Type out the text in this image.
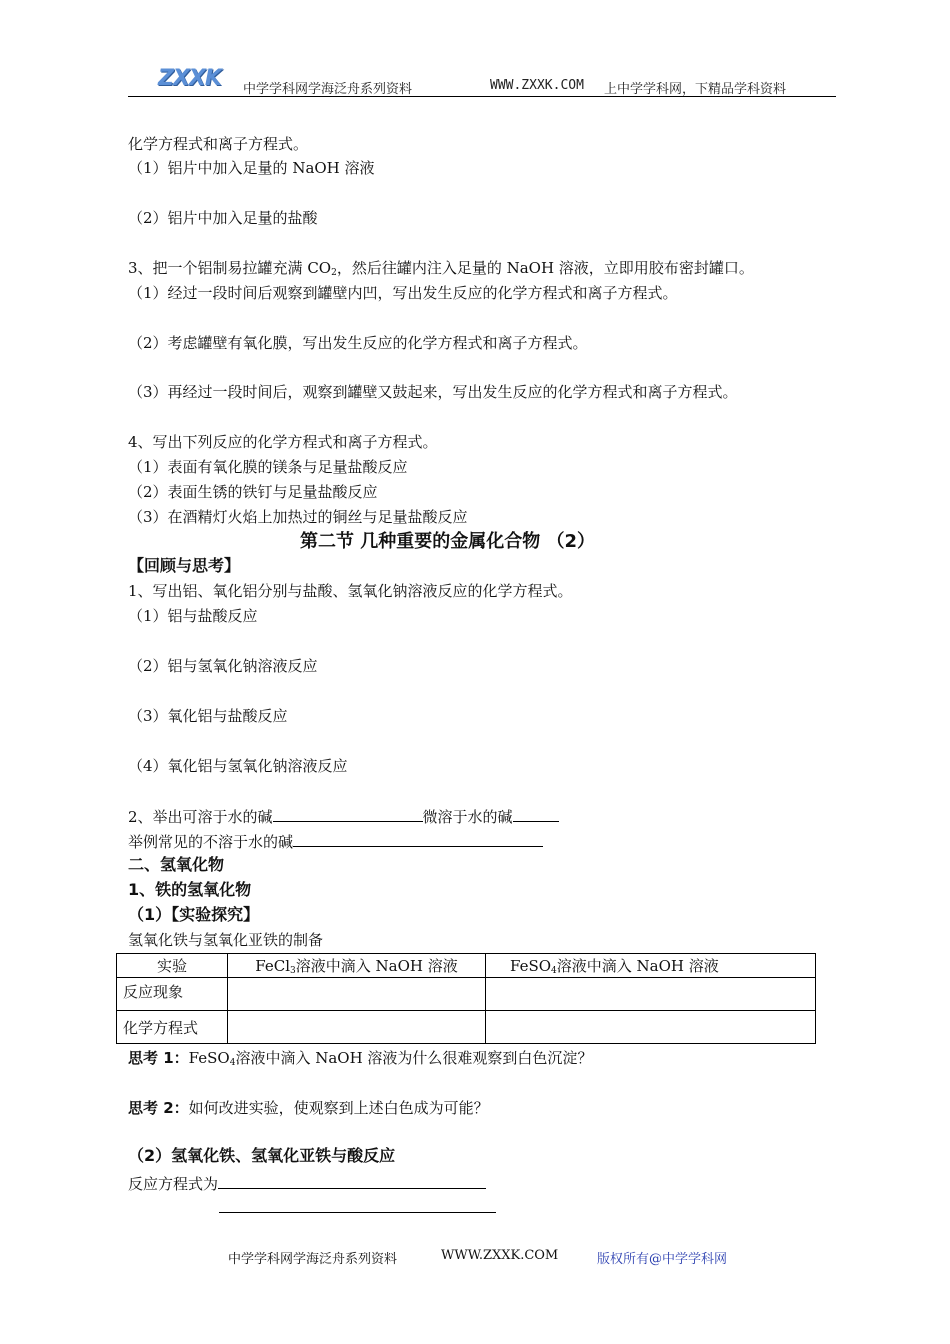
ZXXK	中学学科网学海泛舟系列资料	WWW.ZXXK.COM 上中学学科网，下精品学科资料
化学方程式和离子方程式。
（1）铝片中加入足量的 NaOH 溶液
（2）铝片中加入足量的盐酸
3、把一个铝制易拉罐充满 $CO_2$，然后往罐内注入足量的 NaOH 溶液，立即用胶布密封罐口。
（1）经过一段时间后观察到罐壁内凹，写出发生反应的化学方程式和离子方程式。
（2）考虑罐壁有氧化膜，写出发生反应的化学方程式和离子方程式。
（3）再经过一段时间后，观察到罐壁又鼓起来，写出发生反应的化学方程式和离子方程式。
4、写出下列反应的化学方程式和离子方程式。
（1）表面有氧化膜的镁条与足量盐酸反应
（2）表面生锈的铁钉与足量盐酸反应
（3）在酒精灯火焰上加热过的铜丝与足量盐酸反应
第二节 几种重要的金属化合物 （2）
【回顾与思考】
1、写出铝、氧化铝分别与盐酸、氢氧化钠溶液反应的化学方程式。
（1）铝与盐酸反应
（2）铝与氢氧化钠溶液反应
（3）氧化铝与盐酸反应
（4）氧化铝与氢氧化钠溶液反应
2、举出可溶于水的碱	微溶于水的碱
举例常见的不溶于水的碱
二、氢氧化物
1、铁的氢氧化物
（1）【实验探究】
氢氧化铁与氢氧化亚铁的制备
实验	FeCl$_3$溶液中滴入 NaOH 溶液	FeSO$_4$溶液中滴入 NaOH 溶液
反应现象		
化学方程式		
思考 1：FeSO$_4$溶液中滴入 NaOH 溶液为什么很难观察到白色沉淀？
思考 2：如何改进实验，使观察到上述白色成为可能？
（2）氢氧化铁、氢氧化亚铁与酸反应
反应方程式为
中学学科网学海泛舟系列资料	WWW.ZXXK.COM	版权所有@中学学科网
